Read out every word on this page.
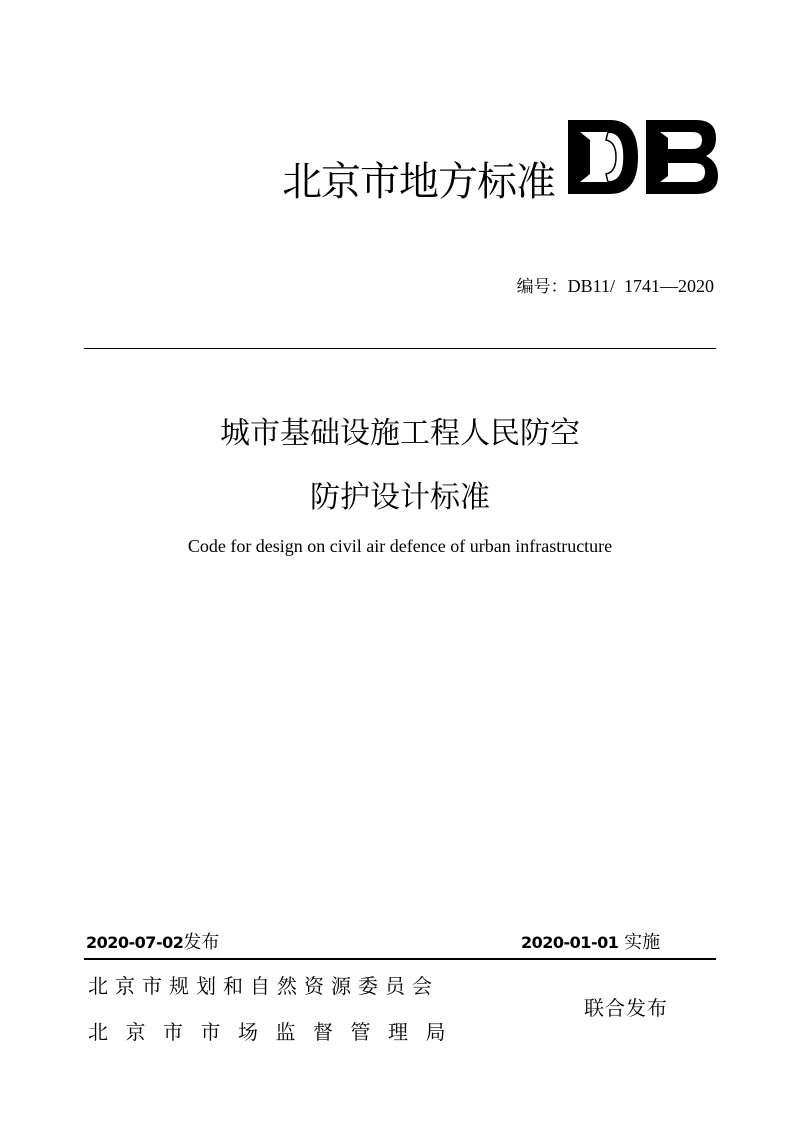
北京市地方标准
编号：DB11/  1741—2020
城市基础设施工程人民防空
防护设计标准
Code for design on civil air defence of urban infrastructure
2020-07-02发布	2020-01-01 实施
北京市规划和自然资源委员会
北京市市场监督管理局
联合发布
